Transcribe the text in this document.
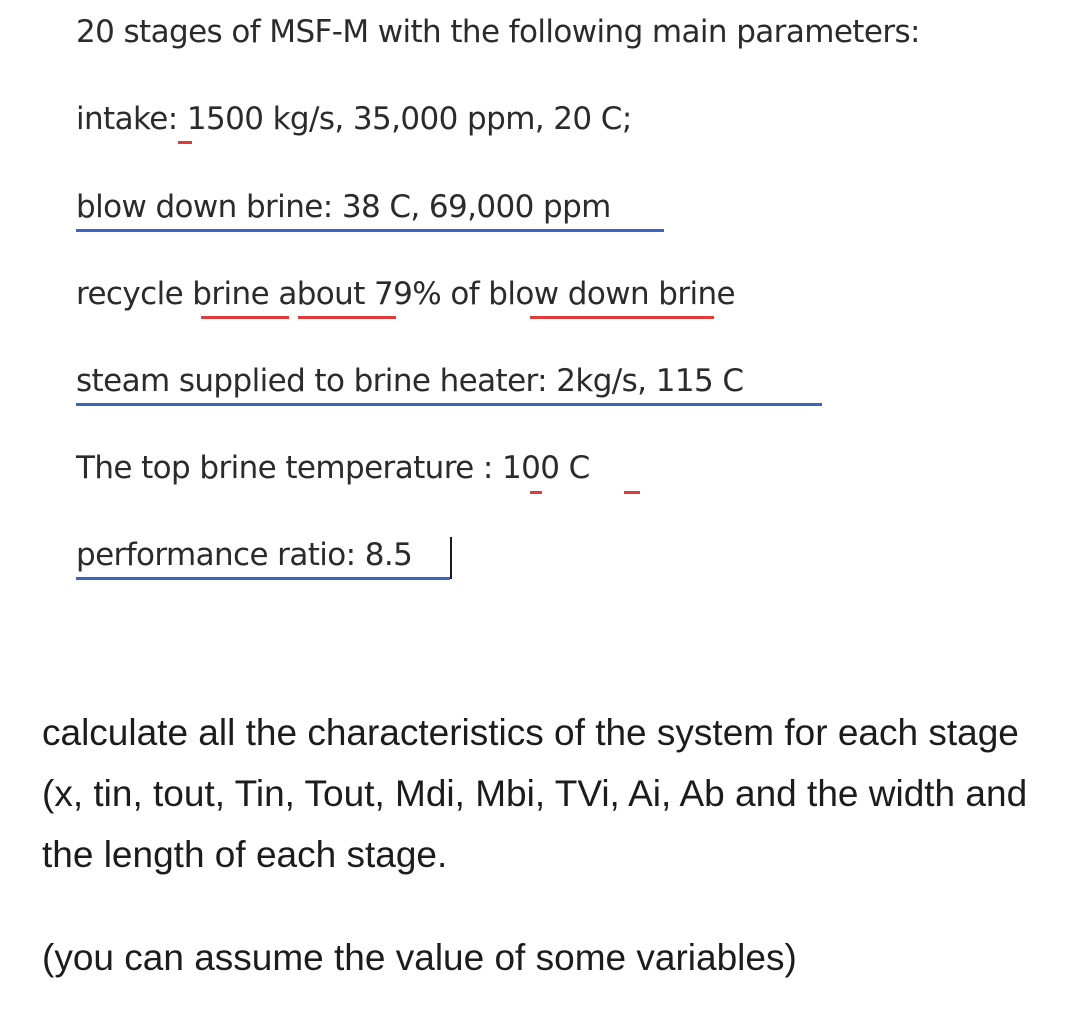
20 stages of MSF-M with the following main parameters:
intake: 1500 kg/s, 35,000 ppm, 20 C;
blow down brine: 38 C, 69,000 ppm
recycle brine about 79% of blow down brine
steam supplied to brine heater: 2kg/s, 115 C
The top brine temperature : 100 C
performance ratio: 8.5
calculate all the characteristics of the system for each stage (x, tin, tout, Tin, Tout, Mdi, Mbi, TVi, Ai, Ab and the width and the length of each stage.
(you can assume the value of some variables)
